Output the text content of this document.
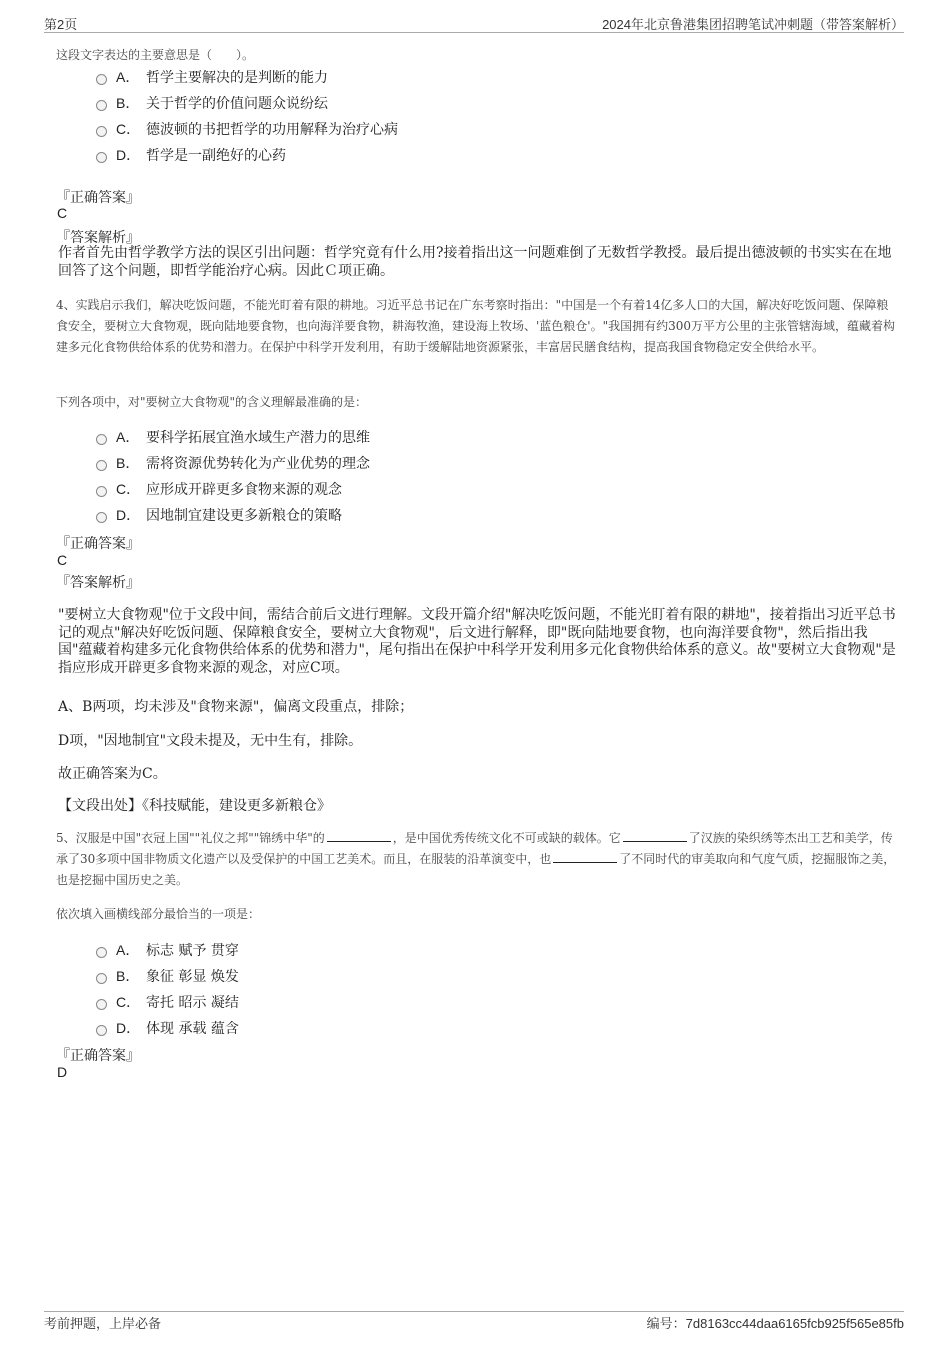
第2页	2024年北京鲁港集团招聘笔试冲刺题（带答案解析）
这段文字表达的主要意思是（　　）。
A． 哲学主要解决的是判断的能力
B． 关于哲学的价值问题众说纷纭
C． 德波顿的书把哲学的功用解释为治疗心病
D． 哲学是一副绝好的心药
『正确答案』
C
『答案解析』
作者首先由哲学教学方法的误区引出问题：哲学究竟有什么用?接着指出这一问题难倒了无数哲学教授。最后提出德波顿的书实实在在地回答了这个问题，即哲学能治疗心病。因此Ｃ项正确。
4、实践启示我们，解决吃饭问题，不能光盯着有限的耕地。习近平总书记在广东考察时指出："中国是一个有着14亿多人口的大国，解决好吃饭问题、保障粮食安全，要树立大食物观，既向陆地要食物，也向海洋要食物，耕海牧渔，建设海上牧场、'蓝色粮仓'。"我国拥有约300万平方公里的主张管辖海域，蕴藏着构建多元化食物供给体系的优势和潜力。在保护中科学开发利用，有助于缓解陆地资源紧张，丰富居民膳食结构，提高我国食物稳定安全供给水平。
下列各项中，对"要树立大食物观"的含义理解最准确的是：
A． 要科学拓展宜渔水域生产潜力的思维
B． 需将资源优势转化为产业优势的理念
C． 应形成开辟更多食物来源的观念
D． 因地制宜建设更多新粮仓的策略
『正确答案』
C
『答案解析』
"要树立大食物观"位于文段中间，需结合前后文进行理解。文段开篇介绍"解决吃饭问题，不能光盯着有限的耕地"，接着指出习近平总书记的观点"解决好吃饭问题、保障粮食安全，要树立大食物观"，后文进行解释，即"既向陆地要食物，也向海洋要食物"，然后指出我国"蕴藏着构建多元化食物供给体系的优势和潜力"，尾句指出在保护中科学开发利用多元化食物供给体系的意义。故"要树立大食物观"是指应形成开辟更多食物来源的观念，对应C项。
A、B两项，均未涉及"食物来源"，偏离文段重点，排除；
D项，"因地制宜"文段未提及，无中生有，排除。
故正确答案为C。
【文段出处】《科技赋能，建设更多新粮仓》
5、汉服是中国"衣冠上国""礼仪之邦""锦绣中华"的	，是中国优秀传统文化不可或缺的载体。它	了汉族的染织绣等杰出工艺和美学，传承了30多项中国非物质文化遗产以及受保护的中国工艺美术。而且，在服装的沿革演变中，也	了不同时代的审美取向和气度气质，挖掘服饰之美，也是挖掘中国历史之美。
依次填入画横线部分最恰当的一项是：
A． 标志 赋予 贯穿
B． 象征 彰显 焕发
C． 寄托 昭示 凝结
D． 体现 承载 蕴含
『正确答案』
D
考前押题，上岸必备	编号：7d8163cc44daa6165fcb925f565e85fb
